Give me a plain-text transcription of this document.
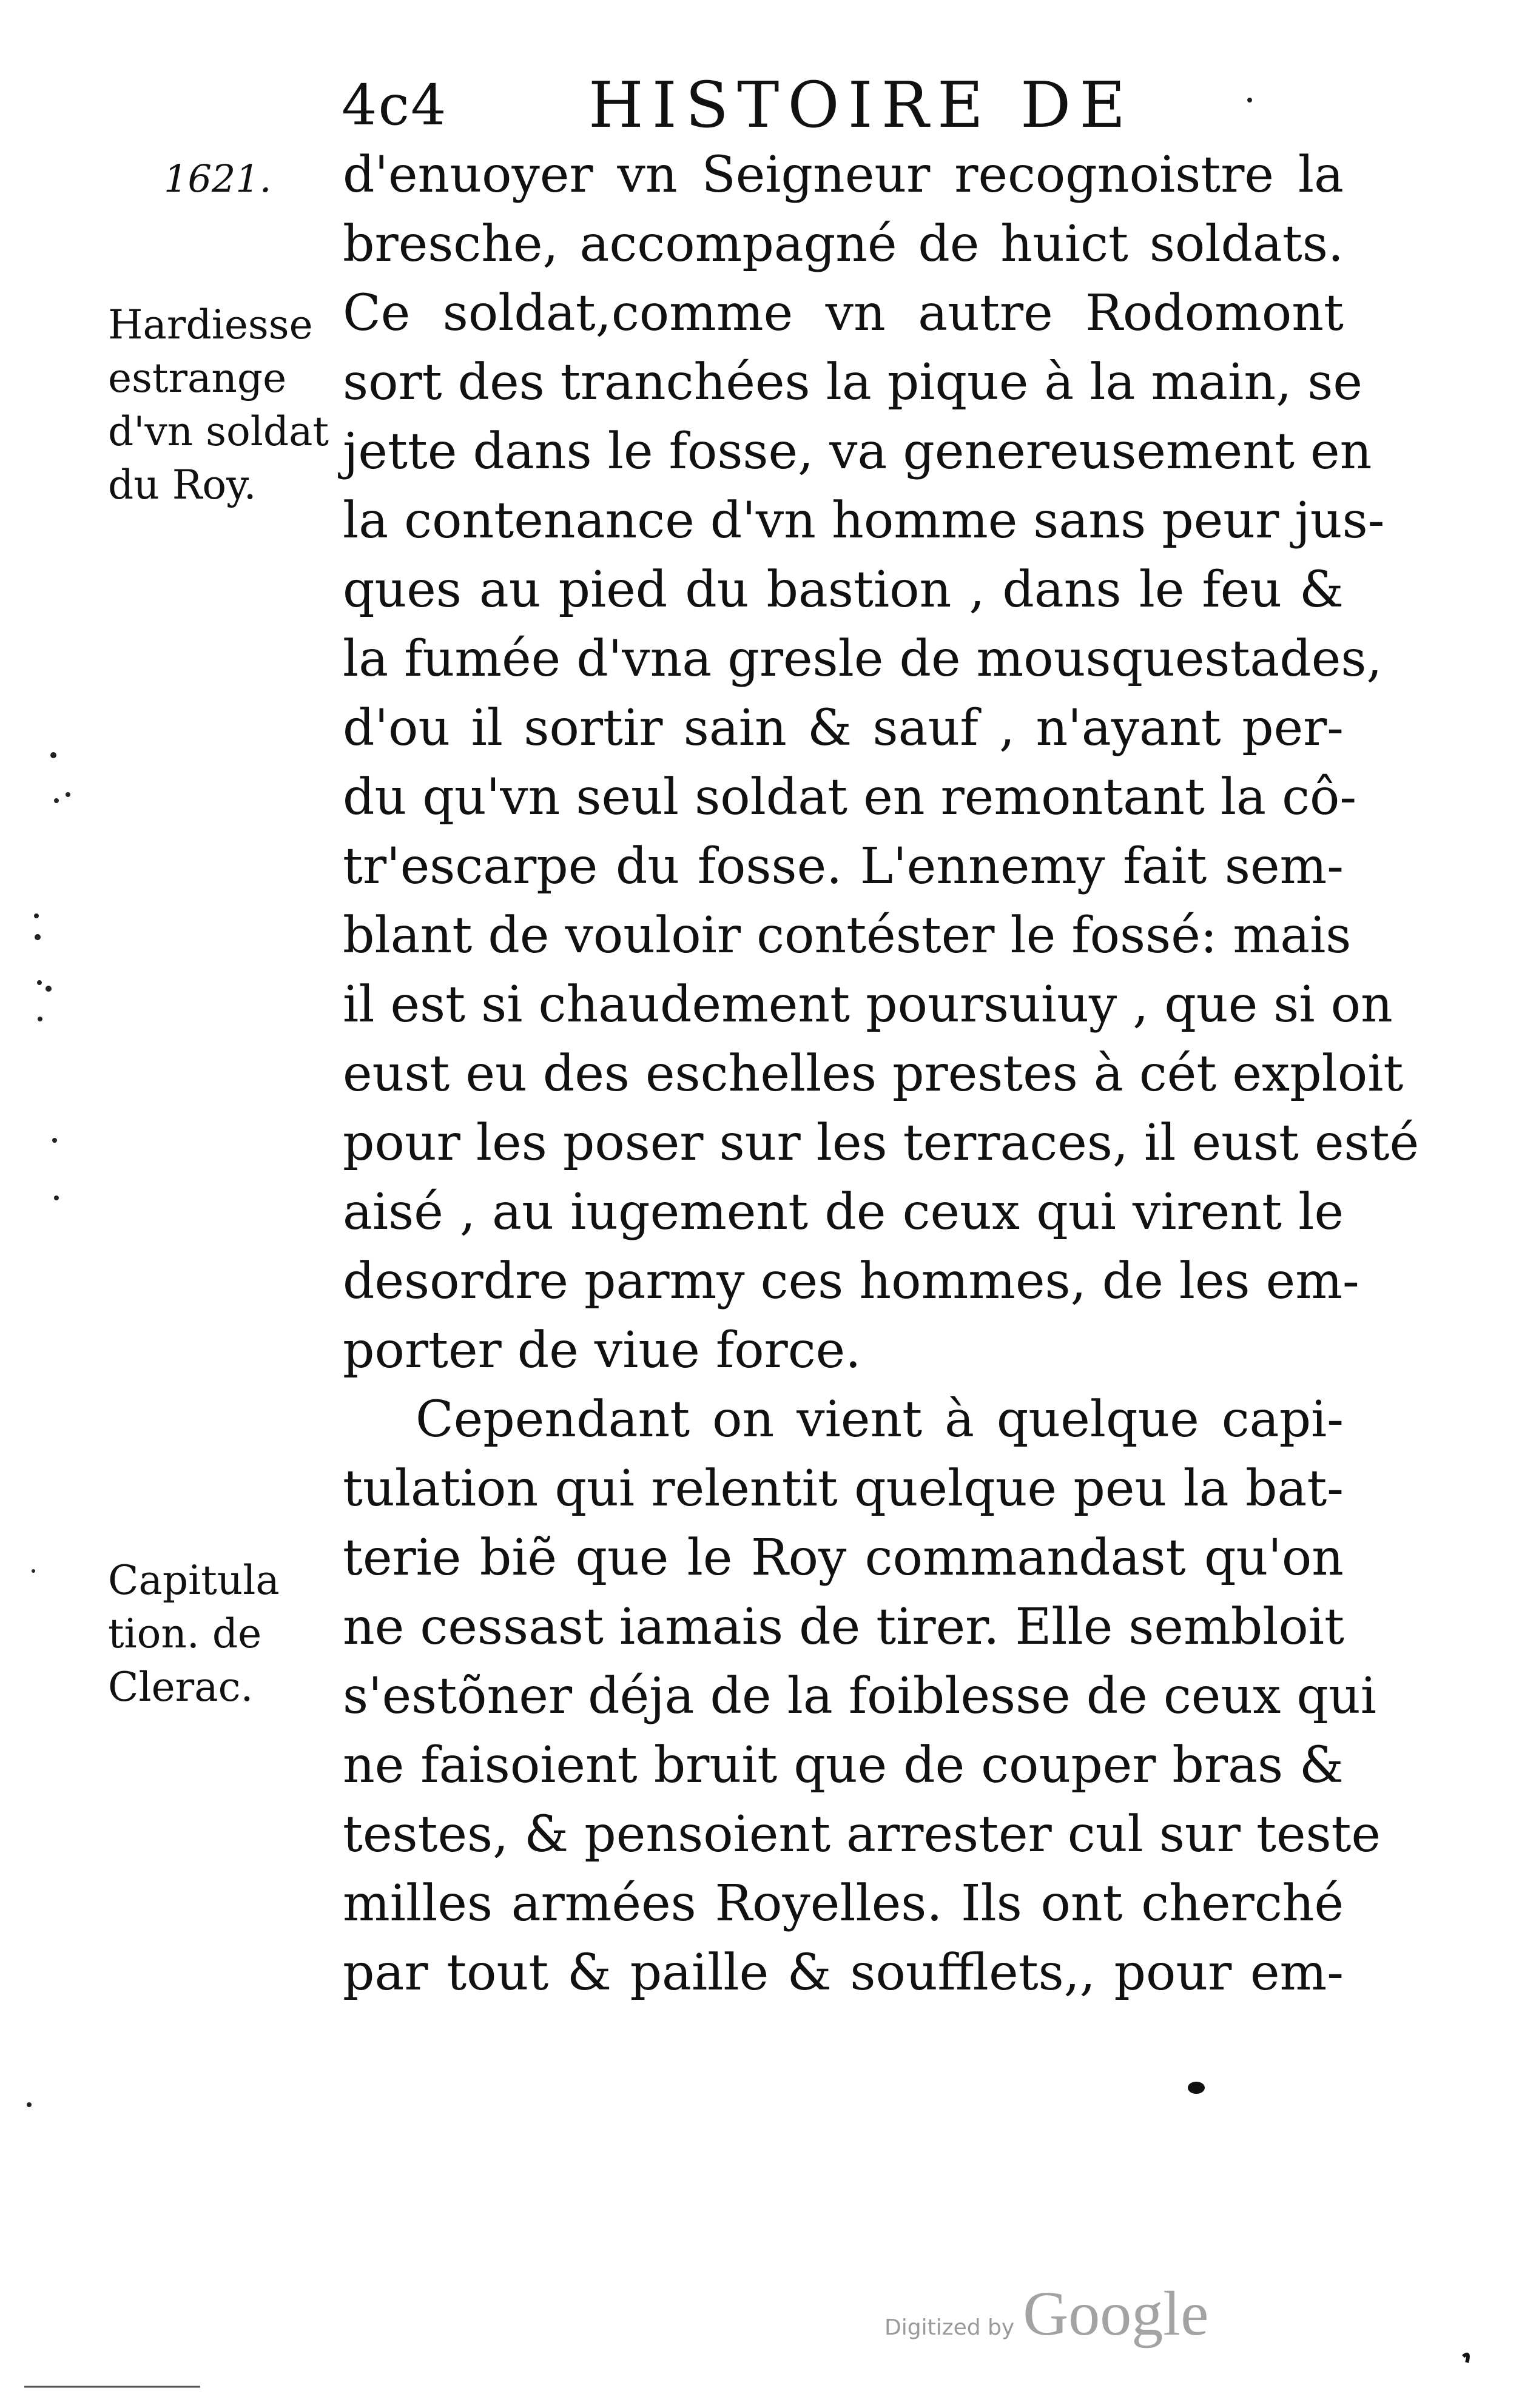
4c4 HISTOIRE DE
1621.
Hardiesse
estrange
d'vn soldat
du Roy.
Capitula
tion. de
Clerac.
d'enuoyer vn Seigneur recognoistre la
bresche, accompagné de huict soldats.
Ce soldat,comme vn autre Rodomont
sort des tranchées la pique à la main, se
jette dans le fosse, va genereusement en
la contenance d'vn homme sans peur jus-
ques au pied du bastion , dans le feu &
la fumée d'vna gresle de mousquestades,
d'ou il sortir sain & sauf , n'ayant per-
du qu'vn seul soldat en remontant la cô-
tr'escarpe du fosse. L'ennemy fait sem-
blant de vouloir contéster le fossé: mais
il est si chaudement poursuiuy , que si on
eust eu des eschelles prestes à cét exploit
pour les poser sur les terraces, il eust esté
aisé , au iugement de ceux qui virent le
desordre parmy ces hommes, de les em-
porter de viue force.
Cependant on vient à quelque capi-
tulation qui relentit quelque peu la bat-
terie biẽ que le Roy commandast qu'on
ne cessast iamais de tirer. Elle sembloit
s'estõner déja de la foiblesse de ceux qui
ne faisoient bruit que de couper bras &
testes, & pensoient arrester cul sur teste
milles armées Royelles. Ils ont cherché
par tout & paille & soufflets,, pour em-
Digitized by Google
